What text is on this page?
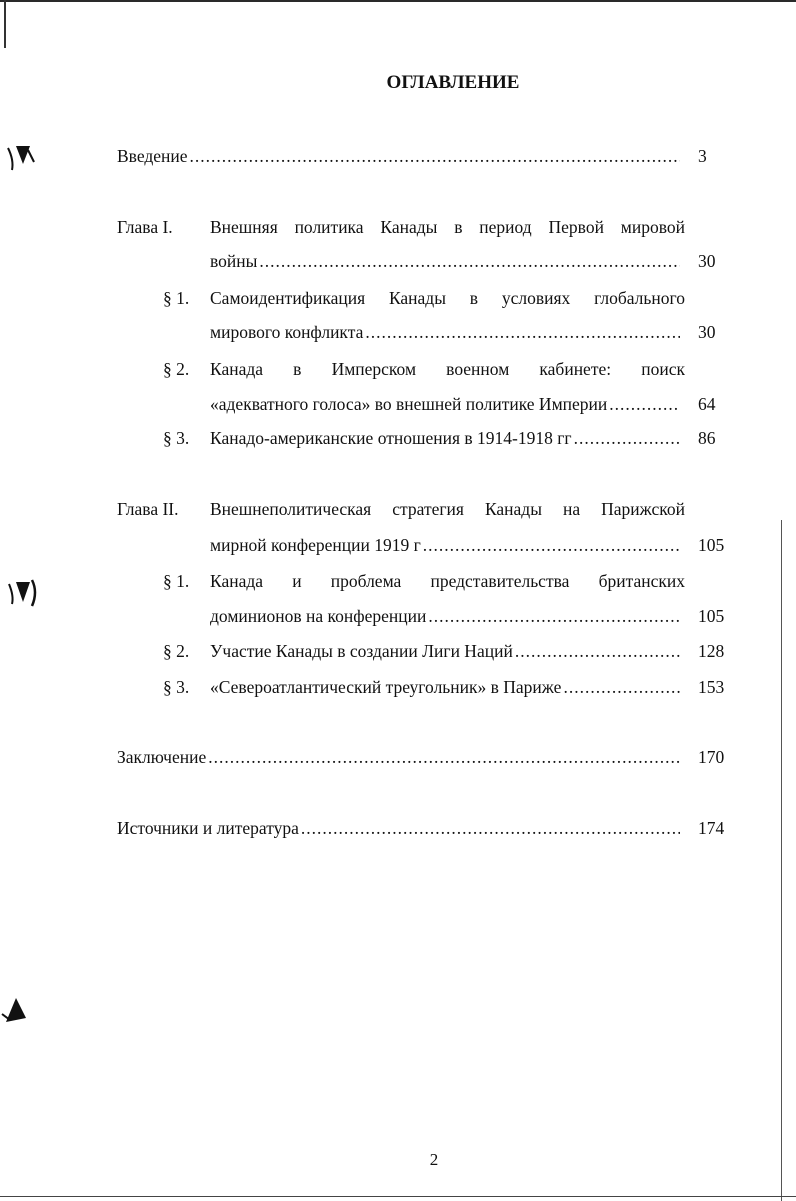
ОГЛАВЛЕНИЕ
Введение .....	3
Глава I. Внешняя политика Канады в период Первой мировой
войны .....	30
§ 1. Самоидентификация Канады в условиях глобального
мирового конфликта .....	30
§ 2. Канада в Имперском военном кабинете: поиск
«адекватного голоса» во внешней политике Империи .....	64
§ 3. Канадо-американские отношения в 1914-1918 гг .....	86
Глава II. Внешнеполитическая стратегия Канады на Парижской
мирной конференции 1919 г .....	105
§ 1. Канада и проблема представительства британских
доминионов на конференции .....	105
§ 2. Участие Канады в создании Лиги Наций .....	128
§ 3. «Североатлантический треугольник» в Париже .....	153
Заключение .....	170
Источники и литература .....	174
2
